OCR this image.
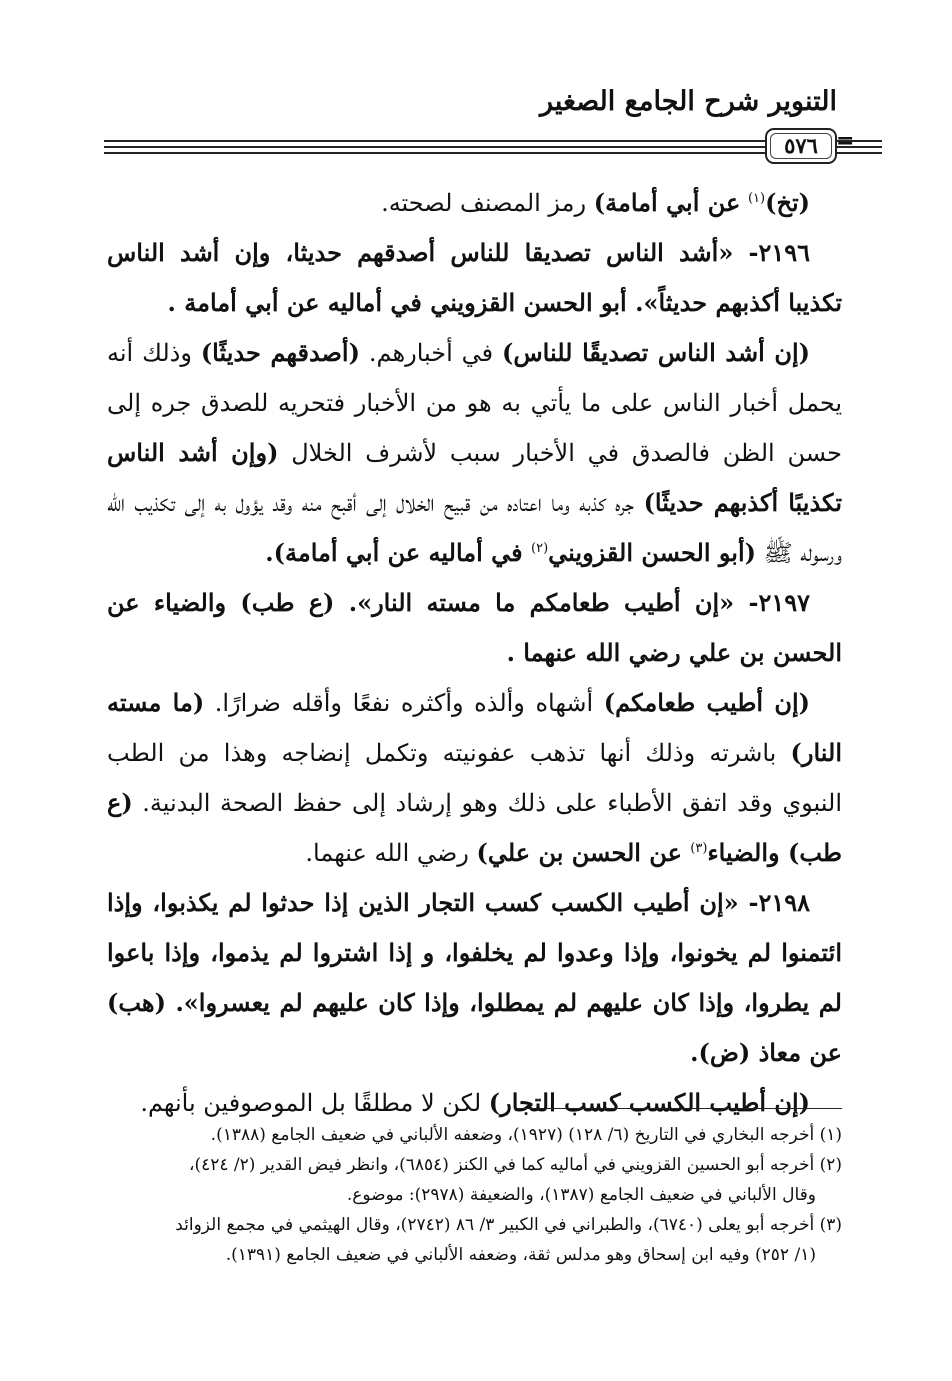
التنوير شرح الجامع الصغير
٥٧٦ =

(تخ)$^{(١)}$ عن أبي أمامة) رمز المصنف لصحته.

٢١٩٦- «أشد الناس تصديقا للناس أصدقهم حديثا، وإن أشد الناس تكذيبا أكذبهم حديثاً». أبو الحسن القزويني في أماليه عن أبي أمامة .

(إن أشد الناس تصديقًا للناس) في أخبارهم. (أصدقهم حديثًا) وذلك أنه يحمل أخبار الناس على ما يأتي به هو من الأخبار فتحريه للصدق جره إلى حسن الظن فالصدق في الأخبار سبب لأشرف الخلال (وإن أشد الناس تكذيبًا أكذبهم حديثًا) جره كذبه وما اعتاده من قبيح الخلال إلى أقبح منه وقد يؤول به إلى تكذيب الله ورسوله ﷺ (أبو الحسن القزويني$^{(٢)}$ في أماليه عن أبي أمامة).

٢١٩٧- «إن أطيب طعامكم ما مسته النار». (ع طب) والضياء عن الحسن بن علي رضي الله عنهما .

(إن أطيب طعامكم) أشهاه وألذه وأكثره نفعًا وأقله ضرارًا. (ما مسته النار) باشرته وذلك أنها تذهب عفونيته وتكمل إنضاجه وهذا من الطب النبوي وقد اتفق الأطباء على ذلك وهو إرشاد إلى حفظ الصحة البدنية. (ع طب) والضياء$^{(٣)}$ عن الحسن بن علي) رضي الله عنهما.

٢١٩٨- «إن أطيب الكسب كسب التجار الذين إذا حدثوا لم يكذبوا، وإذا ائتمنوا لم يخونوا، وإذا وعدوا لم يخلفوا، و إذا اشتروا لم يذموا، وإذا باعوا لم يطروا، وإذا كان عليهم لم يمطلوا، وإذا كان عليهم لم يعسروا». (هب) عن معاذ (ض).

(إن أطيب الكسب كسب التجار) لكن لا مطلقًا بل الموصوفين بأنهم.

(١) أخرجه البخاري في التاريخ (٦/ ١٢٨) (١٩٢٧)، وضعفه الألباني في ضعيف الجامع (١٣٨٨).

(٢) أخرجه أبو الحسين القزويني في أماليه كما في الكنز (٦٨٥٤)، وانظر فيض القدير (٢/ ٤٢٤)،

وقال الألباني في ضعيف الجامع (١٣٨٧)، والضعيفة (٢٩٧٨): موضوع.

(٣) أخرجه أبو يعلى (٦٧٤٠)، والطبراني في الكبير ٣/ ٨٦ (٢٧٤٢)، وقال الهيثمي في مجمع الزوائد

(١/ ٢٥٢) وفيه ابن إسحاق وهو مدلس ثقة، وضعفه الألباني في ضعيف الجامع (١٣٩١).
